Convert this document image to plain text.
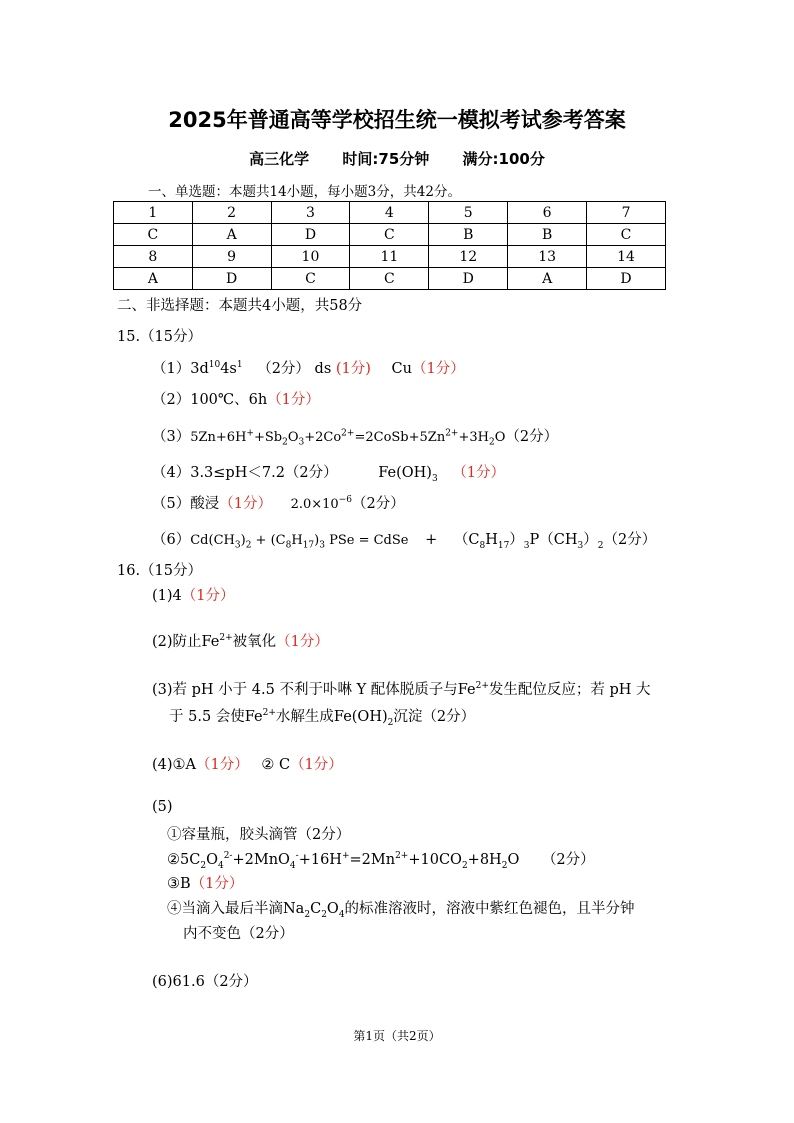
2025年普通高等学校招生统一模拟考试参考答案
高三化学 时间:75分钟 满分:100分
一、单选题：本题共14小题，每小题3分，共42分。
1	2	3	4	5	6	7
C	A	D	C	B	B	C
8	9	10	11	12	13	14
A	D	C	C	D	A	D
二、非选择题：本题共4小题，共58分
15.（15分）
$(1)3d^{10}4s^1$ （2分） ds (1分) Cu（1分）
（2）100℃、6h（1分）
$(3)5Zn+6H^++Sb_2O_3+2Co^{2+}=2CoSb+5Zn^{2+}+3H_2O(2$分）
（4）3.3≤pH＜7.2（2分）	$Fe(OH)_3$ （1分）
（5）酸浸（1分） $2.0\times 10^{-6}(2$分）
$(6)Cd(CH_3)_2 + (C_8H_{17})_3$ PSe = CdSe + $(C_8H_{17})_3P(CH_3)_2(2$分）
16.（15分）
(1)4（1分）
(2)防止$Fe^{2+}$被氧化（1分）
(3)若 pH 小于 4.5 不利于卟啉 Y 配体脱质子与$Fe^{2+}$发生配位反应；若 pH 大
于 5.5 会使$Fe^{2+}$水解生成$Fe(OH)_2$沉淀（2分）
(4)①A（1分） ② C（1分）
(5)
①容量瓶，胶头滴管（2分）
$②5C_2O_4^{2-}+2MnO_4^-+16H^+=2Mn^{2+}+10CO_2+8H_2O$ （2分）
③B（1分）
④当滴入最后半滴$Na_2C_2O_4$的标准溶液时，溶液中紫红色褪色，且半分钟
内不变色（2分）
(6)61.6（2分）
第1页（共2页）
